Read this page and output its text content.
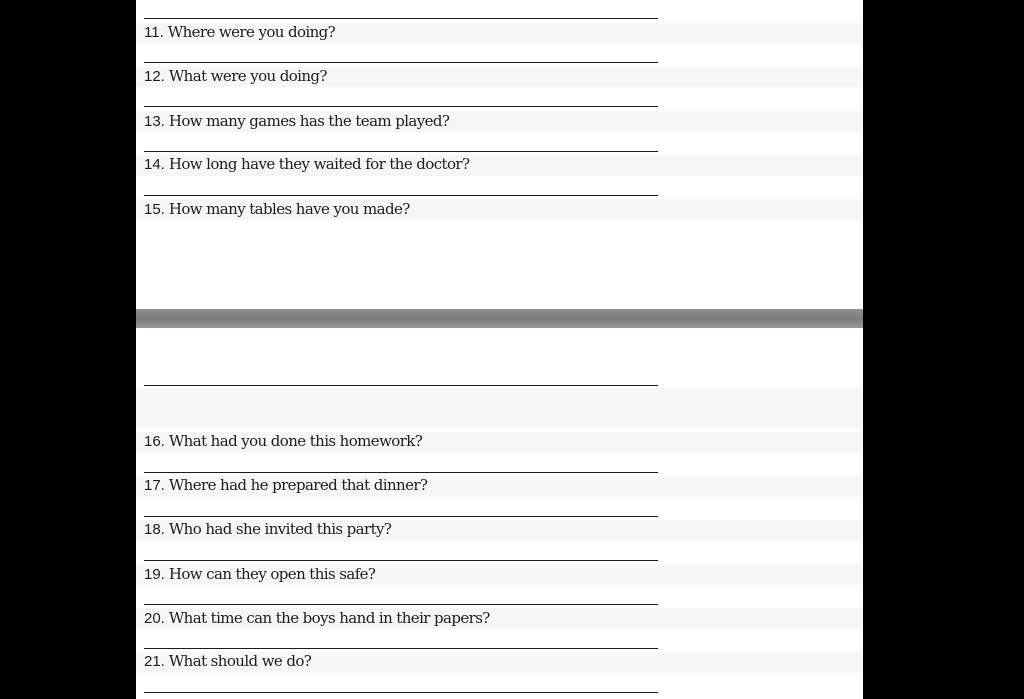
11. Where were you doing?

12. What were you doing?

13. How many games has the team played?

14. How long have they waited for the doctor?

15. How many tables have you made?

16. What had you done this homework?

17. Where had he prepared that dinner?

18. Who had she invited this party?

19. How can they open this safe?

20. What time can the boys hand in their papers?

21. What should we do?
